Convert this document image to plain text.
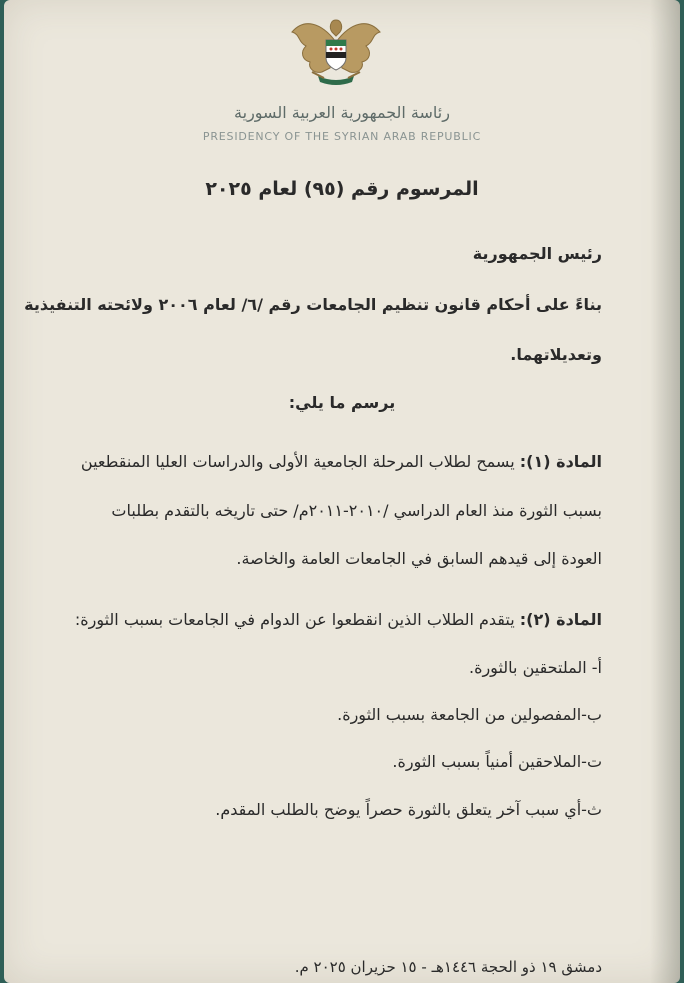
رئاسة الجمهورية العربية السورية
PRESIDENCY OF THE SYRIAN ARAB REPUBLIC
المرسوم رقم (٩٥) لعام ٢٠٢٥
رئيس الجمهورية
بناءً على أحكام قانون تنظيم الجامعات رقم /٦/ لعام ٢٠٠٦ ولائحته التنفيذية
وتعديلاتهما.
يرسم ما يلي:
المادة (١): يسمح لطلاب المرحلة الجامعية الأولى والدراسات العليا المنقطعين
بسبب الثورة منذ العام الدراسي /٢٠١٠-٢٠١١م/ حتى تاريخه بالتقدم بطلبات
العودة إلى قيدهم السابق في الجامعات العامة والخاصة.
المادة (٢): يتقدم الطلاب الذين انقطعوا عن الدوام في الجامعات بسبب الثورة:
أ- الملتحقين بالثورة.
ب-المفصولين من الجامعة بسبب الثورة.
ت-الملاحقين أمنياً بسبب الثورة.
ث-أي سبب آخر يتعلق بالثورة حصراً يوضح بالطلب المقدم.
دمشق ١٩ ذو الحجة ١٤٤٦هـ - ١٥ حزيران ٢٠٢٥ م.
